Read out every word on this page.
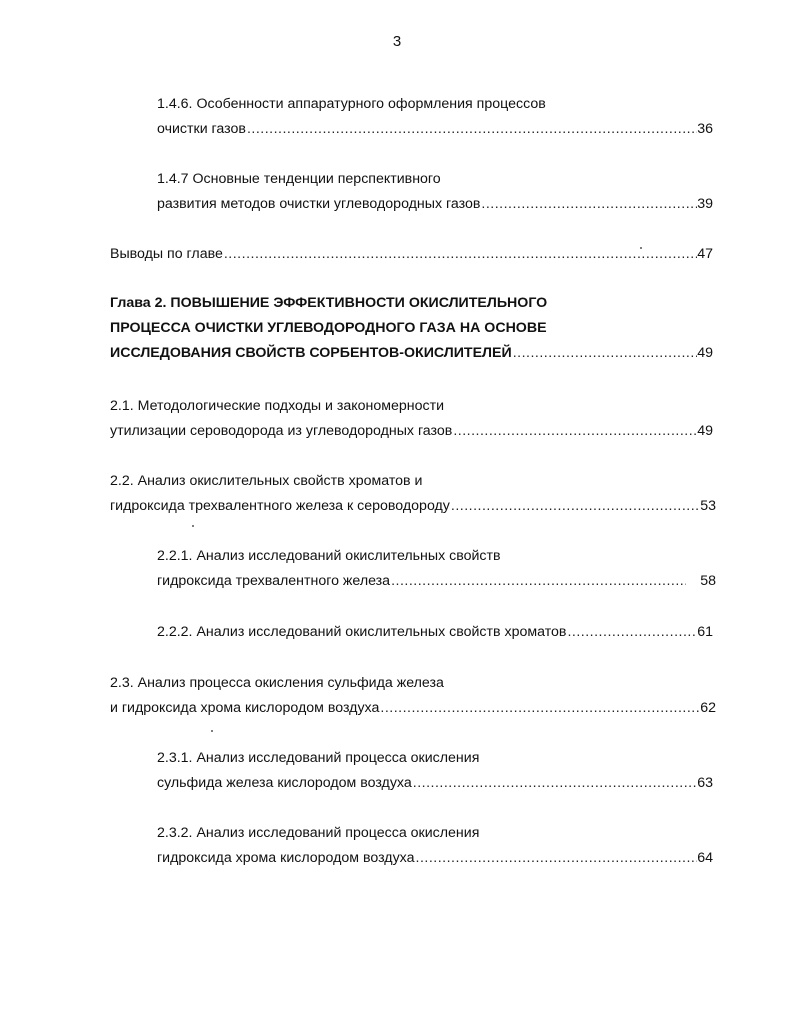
3
1.4.6. Особенности аппаратурного оформления процессов
очистки газов .....	36
1.4.7 Основные тенденции перспективного
развития методов очистки углеводородных газов .....	39
Выводы по главе .....	47
Глава 2. ПОВЫШЕНИЕ ЭФФЕКТИВНОСТИ ОКИСЛИТЕЛЬНОГО
ПРОЦЕССА ОЧИСТКИ УГЛЕВОДОРОДНОГО ГАЗА НА ОСНОВЕ
ИССЛЕДОВАНИЯ СВОЙСТВ СОРБЕНТОВ-ОКИСЛИТЕЛЕЙ .....	49
2.1. Методологические подходы и закономерности
утилизации сероводорода из углеводородных газов .....	49
2.2. Анализ окислительных свойств хроматов и
гидроксида трехвалентного железа к сероводороду .....	53
2.2.1. Анализ исследований окислительных свойств
гидроксида трехвалентного железа .....	58
2.2.2. Анализ исследований окислительных свойств хроматов .....	61
2.3. Анализ процесса окисления сульфида железа
и гидроксида хрома кислородом воздуха .....	62
2.3.1. Анализ исследований процесса окисления
сульфида железа кислородом воздуха .....	63
2.3.2. Анализ исследований процесса окисления
гидроксида хрома кислородом воздуха .....	64
